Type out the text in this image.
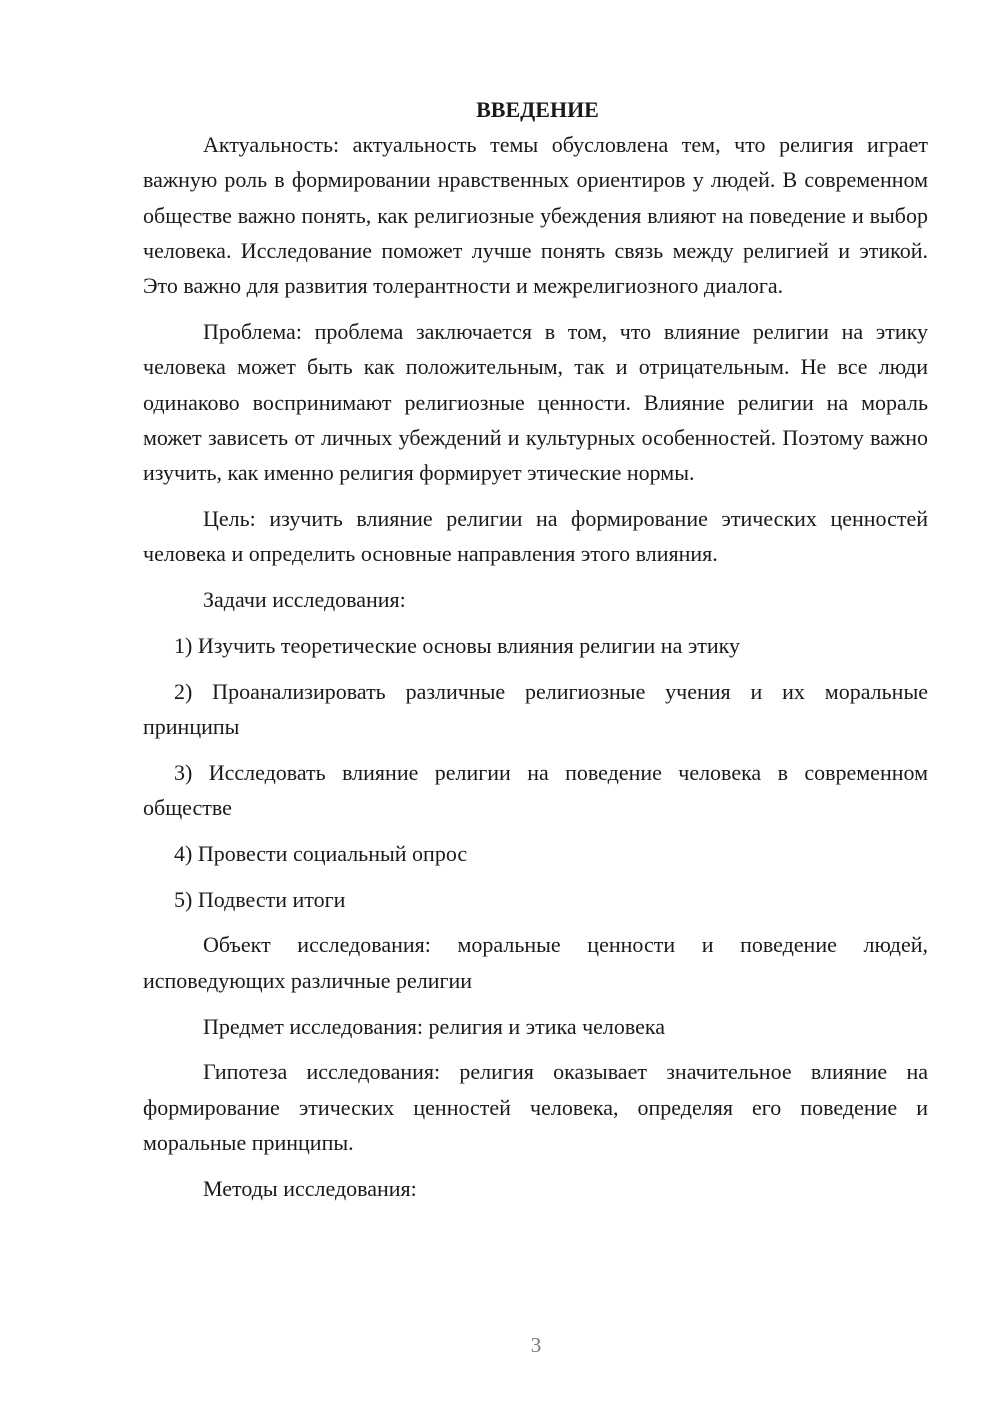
ВВЕДЕНИЕ

Актуальность: актуальность темы обусловлена тем, что религия играет важную роль в формировании нравственных ориентиров у людей. В современном обществе важно понять, как религиозные убеждения влияют на поведение и выбор человека. Исследование поможет лучше понять связь между религией и этикой. Это важно для развития толерантности и межрелигиозного диалога.

Проблема: проблема заключается в том, что влияние религии на этику человека может быть как положительным, так и отрицательным. Не все люди одинаково воспринимают религиозные ценности. Влияние религии на мораль может зависеть от личных убеждений и культурных особенностей. Поэтому важно изучить, как именно религия формирует этические нормы.

Цель: изучить влияние религии на формирование этических ценностей человека и определить основные направления этого влияния.

Задачи исследования:

1) Изучить теоретические основы влияния религии на этику

2) Проанализировать различные религиозные учения и их моральные принципы

3) Исследовать влияние религии на поведение человека в современном обществе

4) Провести социальный опрос

5) Подвести итоги

Объект исследования: моральные ценности и поведение людей, исповедующих различные религии

Предмет исследования: религия и этика человека

Гипотеза исследования: религия оказывает значительное влияние на формирование этических ценностей человека, определяя его поведение и моральные принципы.

Методы исследования:

3
